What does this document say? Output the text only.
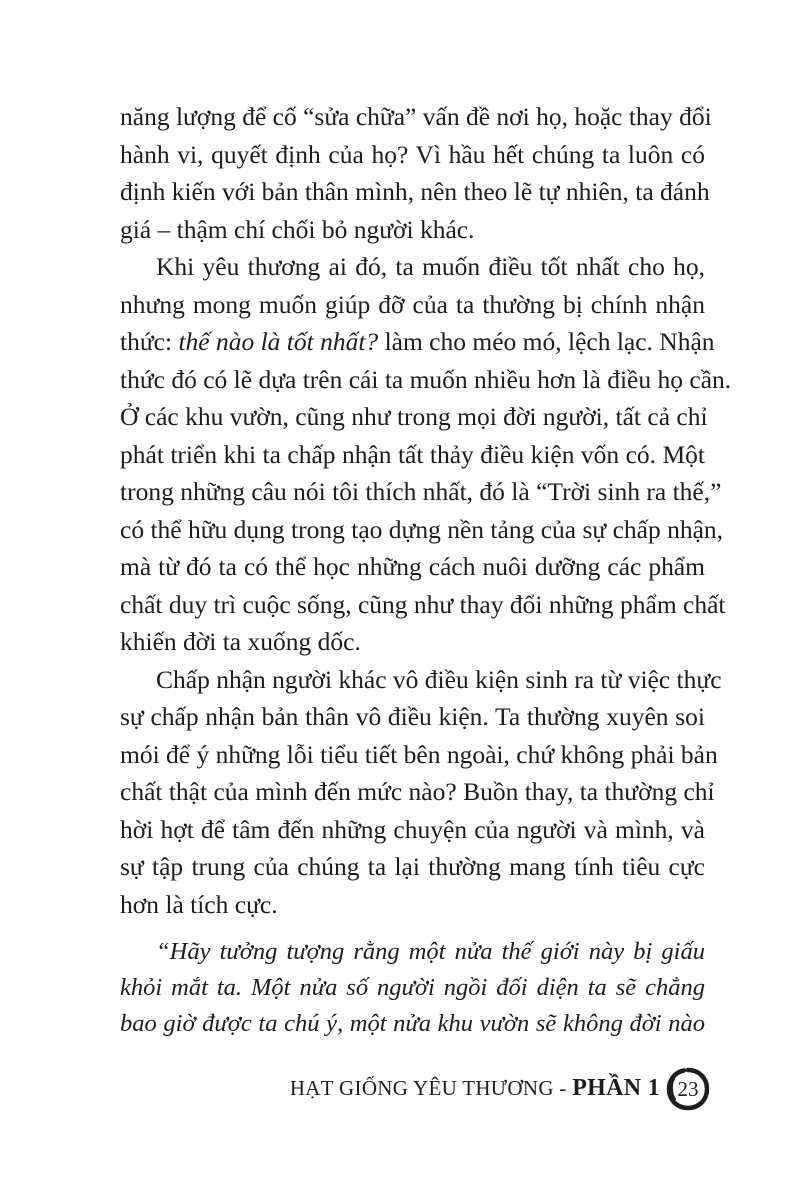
năng lượng để cố “sửa chữa” vấn đề nơi họ, hoặc thay đổi
hành vi, quyết định của họ? Vì hầu hết chúng ta luôn có
định kiến với bản thân mình, nên theo lẽ tự nhiên, ta đánh
giá – thậm chí chối bỏ người khác.
Khi yêu thương ai đó, ta muốn điều tốt nhất cho họ,
nhưng mong muốn giúp đỡ của ta thường bị chính nhận
thức: thế nào là tốt nhất? làm cho méo mó, lệch lạc. Nhận
thức đó có lẽ dựa trên cái ta muốn nhiều hơn là điều họ cần.
Ở các khu vườn, cũng như trong mọi đời người, tất cả chỉ
phát triển khi ta chấp nhận tất thảy điều kiện vốn có. Một
trong những câu nói tôi thích nhất, đó là “Trời sinh ra thế,”
có thể hữu dụng trong tạo dựng nền tảng của sự chấp nhận,
mà từ đó ta có thể học những cách nuôi dưỡng các phẩm
chất duy trì cuộc sống, cũng như thay đổi những phẩm chất
khiến đời ta xuống dốc.
Chấp nhận người khác vô điều kiện sinh ra từ việc thực
sự chấp nhận bản thân vô điều kiện. Ta thường xuyên soi
mói để ý những lỗi tiểu tiết bên ngoài, chứ không phải bản
chất thật của mình đến mức nào? Buồn thay, ta thường chỉ
hời hợt để tâm đến những chuyện của người và mình, và
sự tập trung của chúng ta lại thường mang tính tiêu cực
hơn là tích cực.
“Hãy tưởng tượng rằng một nửa thế giới này bị giấu
khỏi mắt ta. Một nửa số người ngồi đối diện ta sẽ chẳng
bao giờ được ta chú ý, một nửa khu vườn sẽ không đời nào
HẠT GIỐNG YÊU THƯƠNG - PHẦN 1 23
